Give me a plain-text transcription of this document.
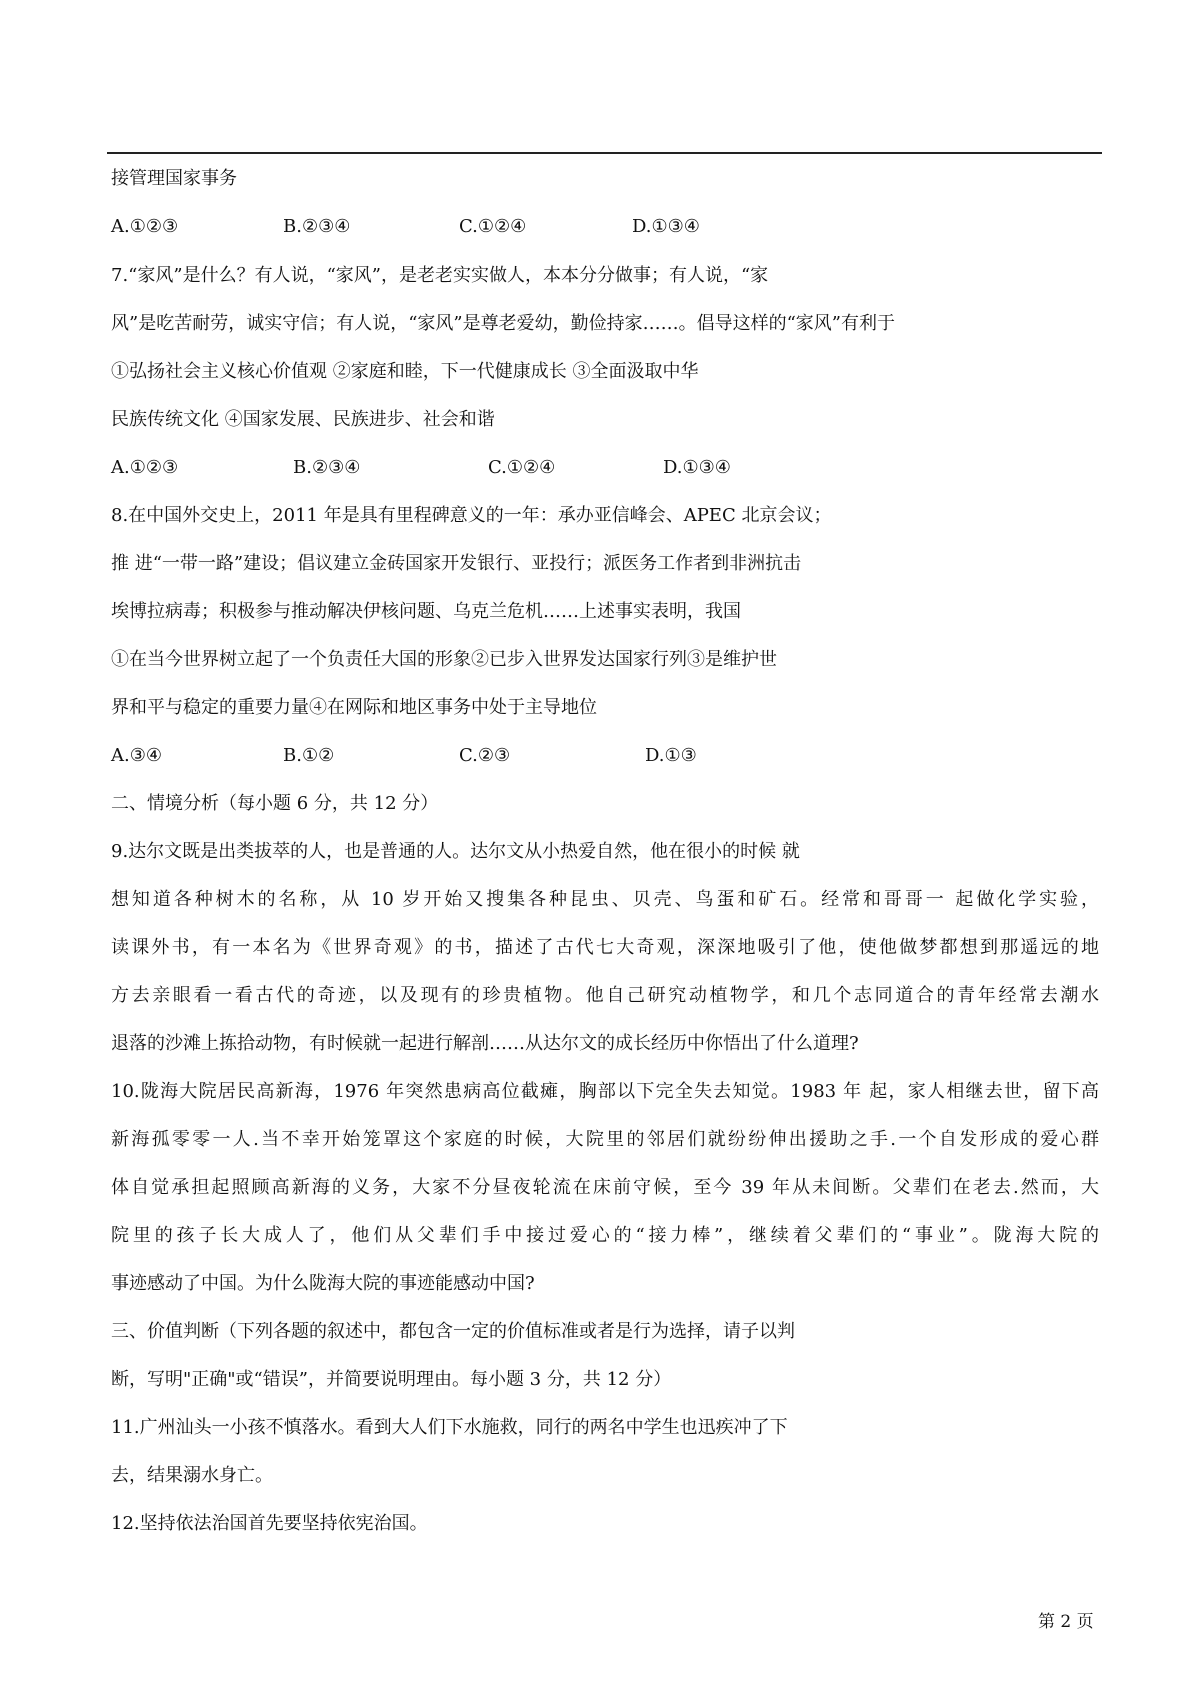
接管理国家事务
A.①②③	B.②③④	C.①②④	D.①③④
7.“家风”是什么？有人说，“家风”，是老老实实做人，本本分分做事；有人说，“家
风”是吃苦耐劳，诚实守信；有人说，“家风”是尊老爱幼，勤俭持家……。倡导这样的“家风”有利于
①弘扬社会主义核心价值观 ②家庭和睦，下一代健康成长 ③全面汲取中华
民族传统文化 ④国家发展、民族进步、社会和谐
A.①②③	B.②③④	C.①②④	D.①③④
8.在中国外交史上，2011 年是具有里程碑意义的一年：承办亚信峰会、APEC 北京会议；
推 进“一带一路”建设；倡议建立金砖国家开发银行、亚投行；派医务工作者到非洲抗击
埃博拉病毒；积极参与推动解决伊核问题、乌克兰危机……上述事实表明，我国
①在当今世界树立起了一个负责任大国的形象②已步入世界发达国家行列③是维护世
界和平与稳定的重要力量④在网际和地区事务中处于主导地位
A.③④	B.①②	C.②③	D.①③
二、情境分析（每小题 6 分，共 12 分）
9.达尔文既是出类拔萃的人，也是普通的人。达尔文从小热爱自然，他在很小的时候 就
想知道各种树木的名称，从 10 岁开始又搜集各种昆虫、贝壳、鸟蛋和矿石。经常和哥哥一 起做化学实验，
读课外书，有一本名为《世界奇观》的书，描述了古代七大奇观，深深地吸引了他，使他做梦都想到那遥远的地
方去亲眼看一看古代的奇迹，以及现有的珍贵植物。他自己研究动植物学，和几个志同道合的青年经常去潮水
退落的沙滩上拣拾动物，有时候就一起进行解剖……从达尔文的成长经历中你悟出了什么道理?
10.陇海大院居民高新海，1976 年突然患病高位截瘫，胸部以下完全失去知觉。1983 年 起，家人相继去世，留下高
新海孤零零一人.当不幸开始笼罩这个家庭的时候，大院里的邻居们就纷纷伸出援助之手.一个自发形成的爱心群
体自觉承担起照顾高新海的义务，大家不分昼夜轮流在床前守候，至今 39 年从未间断。父辈们在老去.然而，大
院里的孩子长大成人了，他们从父辈们手中接过爱心的“接力棒”，继续着父辈们的“事业”。陇海大院的
事迹感动了中国。为什么陇海大院的事迹能感动中国?
三、价值判断（下列各题的叙述中，都包含一定的价值标准或者是行为选择，请子以判
断，写明"正确"或“错误”，并简要说明理由。每小题 3 分，共 12 分）
11.广州汕头一小孩不慎落水。看到大人们下水施救，同行的两名中学生也迅疾冲了下
去，结果溺水身亡。
12.坚持依法治国首先要坚持依宪治国。
第 2 页
